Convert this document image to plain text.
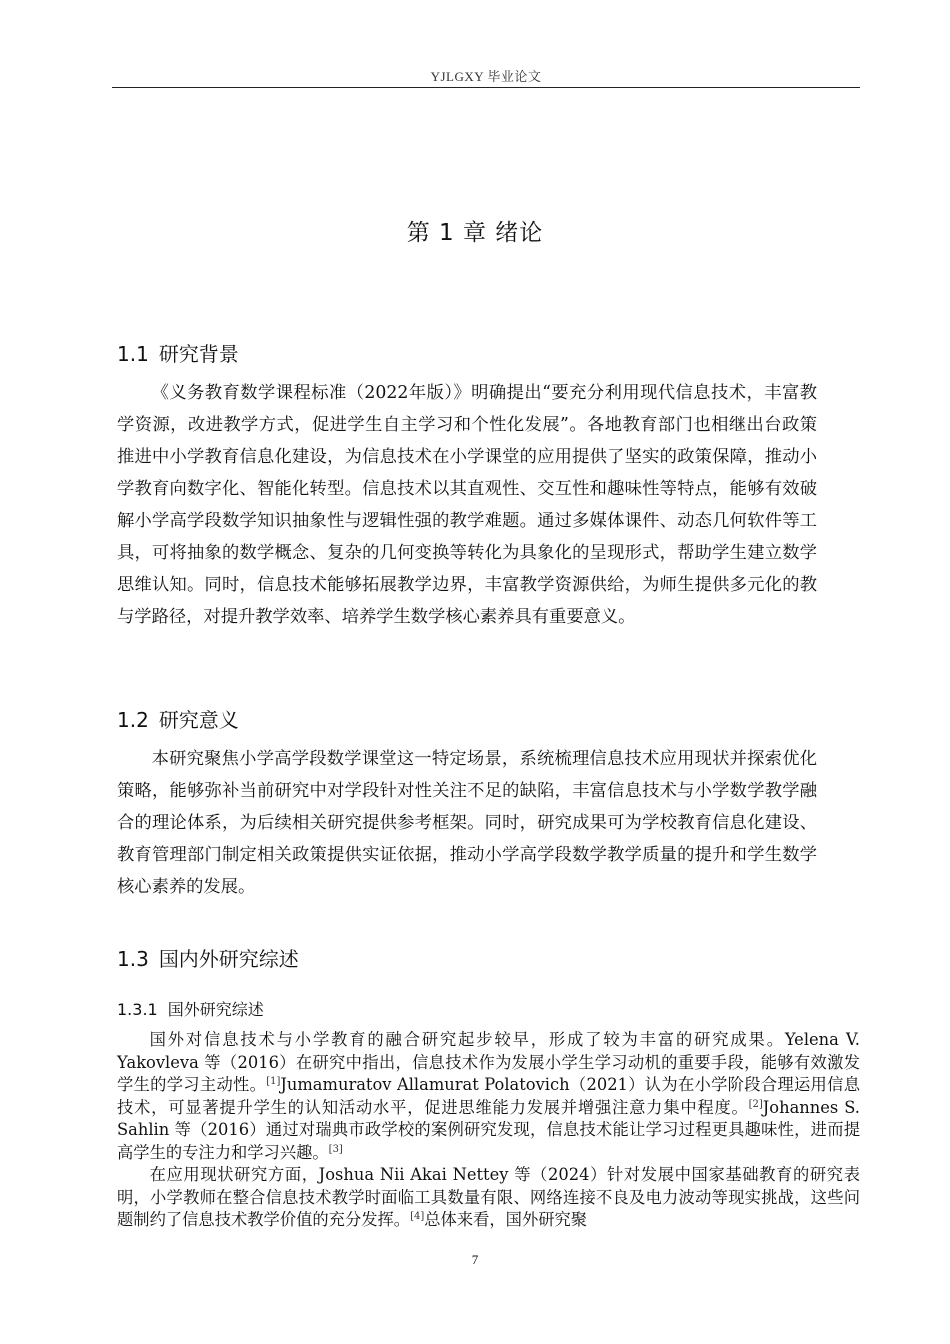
YJLGXY 毕业论文
第 1 章 绪论
1.1 研究背景

《义务教育数学课程标准（2022年版）》明确提出“要充分利用现代信息技术，丰富教学资源，改进教学方式，促进学生自主学习和个性化发展”。各地教育部门也相继出台政策推进中小学教育信息化建设，为信息技术在小学课堂的应用提供了坚实的政策保障，推动小学教育向数字化、智能化转型。信息技术以其直观性、交互性和趣味性等特点，能够有效破解小学高学段数学知识抽象性与逻辑性强的教学难题。通过多媒体课件、动态几何软件等工具，可将抽象的数学概念、复杂的几何变换等转化为具象化的呈现形式，帮助学生建立数学思维认知。同时，信息技术能够拓展教学边界，丰富教学资源供给，为师生提供多元化的教与学路径，对提升教学效率、培养学生数学核心素养具有重要意义。

1.2 研究意义

本研究聚焦小学高学段数学课堂这一特定场景，系统梳理信息技术应用现状并探索优化策略，能够弥补当前研究中对学段针对性关注不足的缺陷，丰富信息技术与小学数学教学融合的理论体系，为后续相关研究提供参考框架。同时，研究成果可为学校教育信息化建设、教育管理部门制定相关政策提供实证依据，推动小学高学段数学教学质量的提升和学生数学核心素养的发展。

1.3 国内外研究综述
1.3.1 国外研究综述

国外对信息技术与小学教育的融合研究起步较早，形成了较为丰富的研究成果。Yelena V. Yakovleva 等（2016）在研究中指出，信息技术作为发展小学生学习动机的重要手段，能够有效激发学生的学习主动性。[1]Jumamuratov Allamurat Polatovich（2021）认为在小学阶段合理运用信息技术，可显著提升学生的认知活动水平，促进思维能力发展并增强注意力集中程度。[2]Johannes S. Sahlin 等（2016）通过对瑞典市政学校的案例研究发现，信息技术能让学习过程更具趣味性，进而提高学生的专注力和学习兴趣。[3]

在应用现状研究方面，Joshua Nii Akai Nettey 等（2024）针对发展中国家基础教育的研究表明，小学教师在整合信息技术教学时面临工具数量有限、网络连接不良及电力波动等现实挑战，这些问题制约了信息技术教学价值的充分发挥。[4]总体来看，国外研究聚

7
